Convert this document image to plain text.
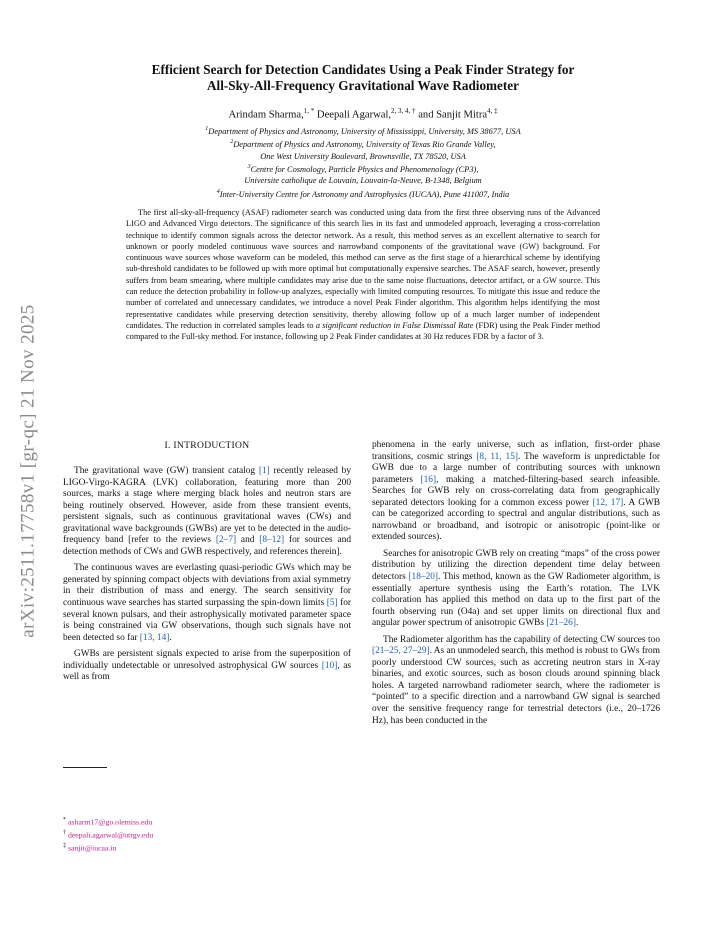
arXiv:2511.17758v1 [gr-qc] 21 Nov 2025
Efficient Search for Detection Candidates Using a Peak Finder Strategy for
All-Sky-All-Frequency Gravitational Wave Radiometer
Arindam Sharma,$^{1, *}$ Deepali Agarwal,$^{2, 3, 4, \dagger}$ and Sanjit Mitra$^{4, \ddagger}$
$^1$Department of Physics and Astronomy, University of Mississippi, University, MS 38677, USA
$^2$Department of Physics and Astronomy, University of Texas Rio Grande Valley,
One West University Boulevard, Brownsville, TX 78520, USA
$^3$Centre for Cosmology, Particle Physics and Phenomenology (CP3),
Universite catholique de Louvain, Louvain-la-Neuve, B-1348, Belgium
$^4$Inter-University Centre for Astronomy and Astrophysics (IUCAA), Pune 411007, India

The first all-sky-all-frequency (ASAF) radiometer search was conducted using data from the first three observing runs of the Advanced LIGO and Advanced Virgo detectors. The significance of this search lies in its fast and unmodeled approach, leveraging a cross-correlation technique to identify common signals across the detector network. As a result, this method serves as an excellent alternative to search for unknown or poorly modeled continuous wave sources and narrowband components of the gravitational wave (GW) background. For continuous wave sources whose waveform can be modeled, this method can serve as the first stage of a hierarchical scheme by identifying sub-threshold candidates to be followed up with more optimal but computationally expensive searches. The ASAF search, however, presently suffers from beam smearing, where multiple candidates may arise due to the same noise fluctuations, detector artifact, or a GW source. This can reduce the detection probability in follow-up analyzes, especially with limited computing resources. To mitigate this issue and reduce the number of correlated and unnecessary candidates, we introduce a novel Peak Finder algorithm. This algorithm helps identifying the most representative candidates while preserving detection sensitivity, thereby allowing follow up of a much larger number of independent candidates. The reduction in correlated samples leads to a significant reduction in False Dismissal Rate (FDR) using the Peak Finder method compared to the Full-sky method. For instance, following up 2 Peak Finder candidates at 30 Hz reduces FDR by a factor of 3.

I. INTRODUCTION

The gravitational wave (GW) transient catalog [1] recently released by LIGO-Virgo-KAGRA (LVK) collaboration, featuring more than 200 sources, marks a stage where merging black holes and neutron stars are being routinely observed. However, aside from these transient events, persistent signals, such as continuous gravitational waves (CWs) and gravitational wave backgrounds (GWBs) are yet to be detected in the audio-frequency band [refer to the reviews [2–7] and [8–12] for sources and detection methods of CWs and GWB respectively, and references therein].

The continuous waves are everlasting quasi-periodic GWs which may be generated by spinning compact objects with deviations from axial symmetry in their distribution of mass and energy. The search sensitivity for continuous wave searches has started surpassing the spin-down limits [5] for several known pulsars, and their astrophysically motivated parameter space is being constrained via GW observations, though such signals have not been detected so far [13, 14].

GWBs are persistent signals expected to arise from the superposition of individually undetectable or unresolved astrophysical GW sources [10], as well as from

phenomena in the early universe, such as inflation, first-order phase transitions, cosmic strings [8, 11, 15]. The waveform is unpredictable for GWB due to a large number of contributing sources with unknown parameters [16], making a matched-filtering-based search infeasible. Searches for GWB rely on cross-correlating data from geographically separated detectors looking for a common excess power [12, 17]. A GWB can be categorized according to spectral and angular distributions, such as narrowband or broadband, and isotropic or anisotropic (point-like or extended sources).

Searches for anisotropic GWB rely on creating “maps” of the cross power distribution by utilizing the direction dependent time delay between detectors [18–20]. This method, known as the GW Radiometer algorithm, is essentially aperture synthesis using the Earth’s rotation. The LVK collaboration has applied this method on data up to the first part of the fourth observing run (O4a) and set upper limits on directional flux and angular power spectrum of anisotropic GWBs [21–26].

The Radiometer algorithm has the capability of detecting CW sources too [21–25, 27–29]. As an unmodeled search, this method is robust to GWs from poorly understood CW sources, such as accreting neutron stars in X-ray binaries, and exotic sources, such as boson clouds around spinning black holes. A targeted narrowband radiometer search, where the radiometer is “pointed” to a specific direction and a narrowband GW signal is searched over the sensitive frequency range for terrestrial detectors (i.e., 20–1726 Hz), has been conducted in the

* asharm17@go.olemiss.edu
† deepali.agarwal@utrgv.edu
‡ sanjit@iucaa.in
